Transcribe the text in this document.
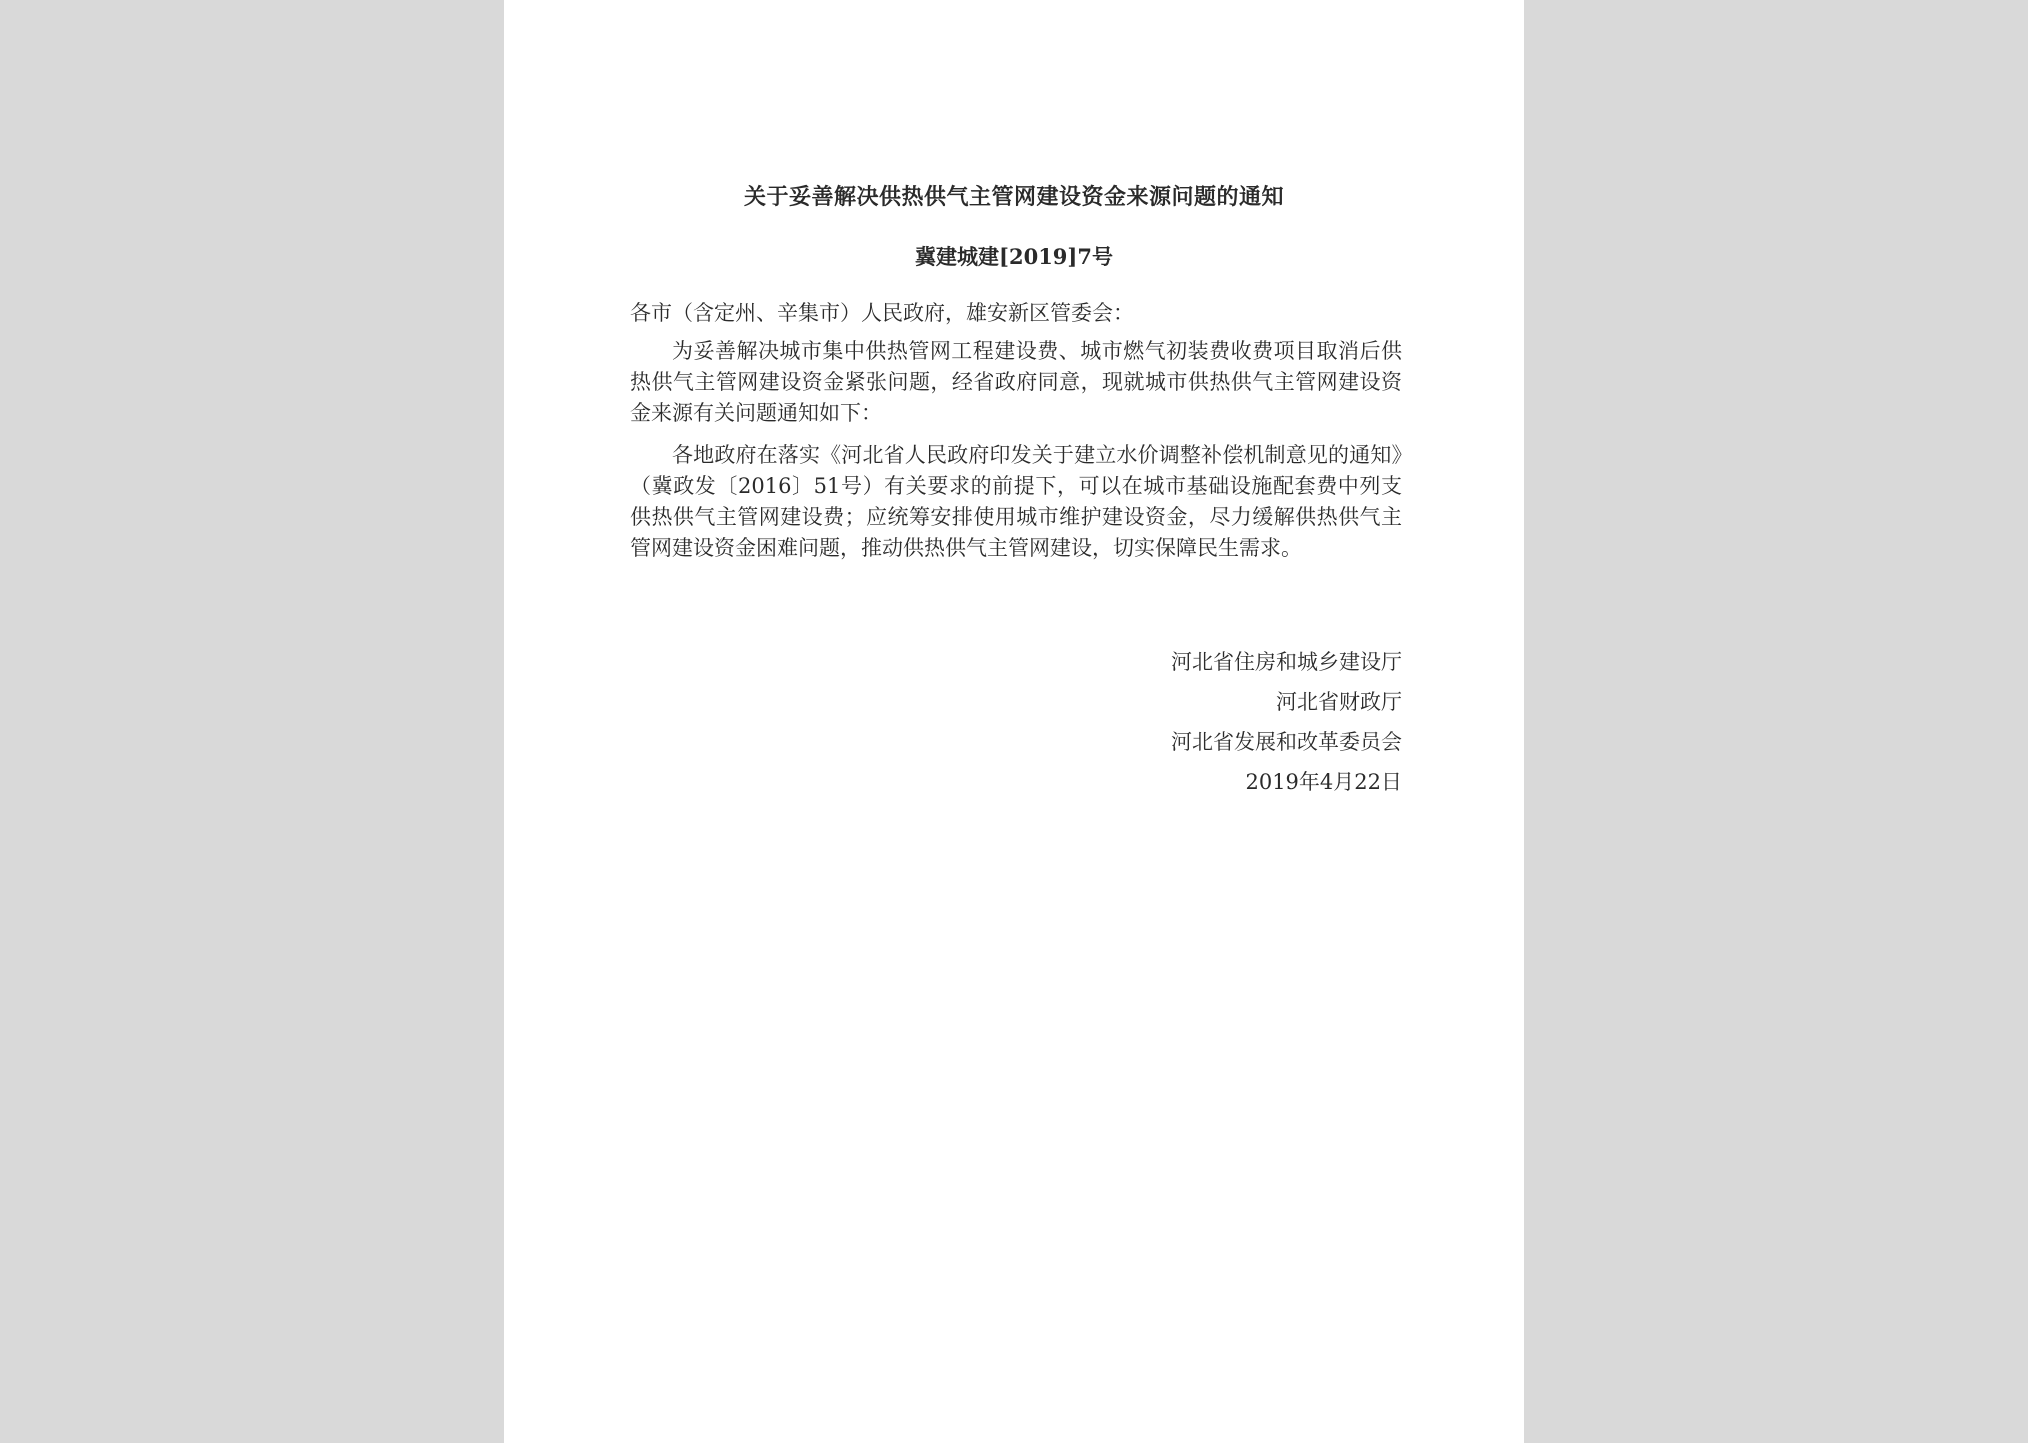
关于妥善解决供热供气主管网建设资金来源问题的通知
冀建城建[2019]7号

各市（含定州、辛集市）人民政府，雄安新区管委会：

为妥善解决城市集中供热管网工程建设费、城市燃气初装费收费项目取消后供热供气主管网建设资金紧张问题，经省政府同意，现就城市供热供气主管网建设资金来源有关问题通知如下：

各地政府在落实《河北省人民政府印发关于建立水价调整补偿机制意见的通知》（冀政发〔2016〕51号）有关要求的前提下，可以在城市基础设施配套费中列支供热供气主管网建设费；应统筹安排使用城市维护建设资金，尽力缓解供热供气主管网建设资金困难问题，推动供热供气主管网建设，切实保障民生需求。

河北省住房和城乡建设厅
河北省财政厅
河北省发展和改革委员会
2019年4月22日
